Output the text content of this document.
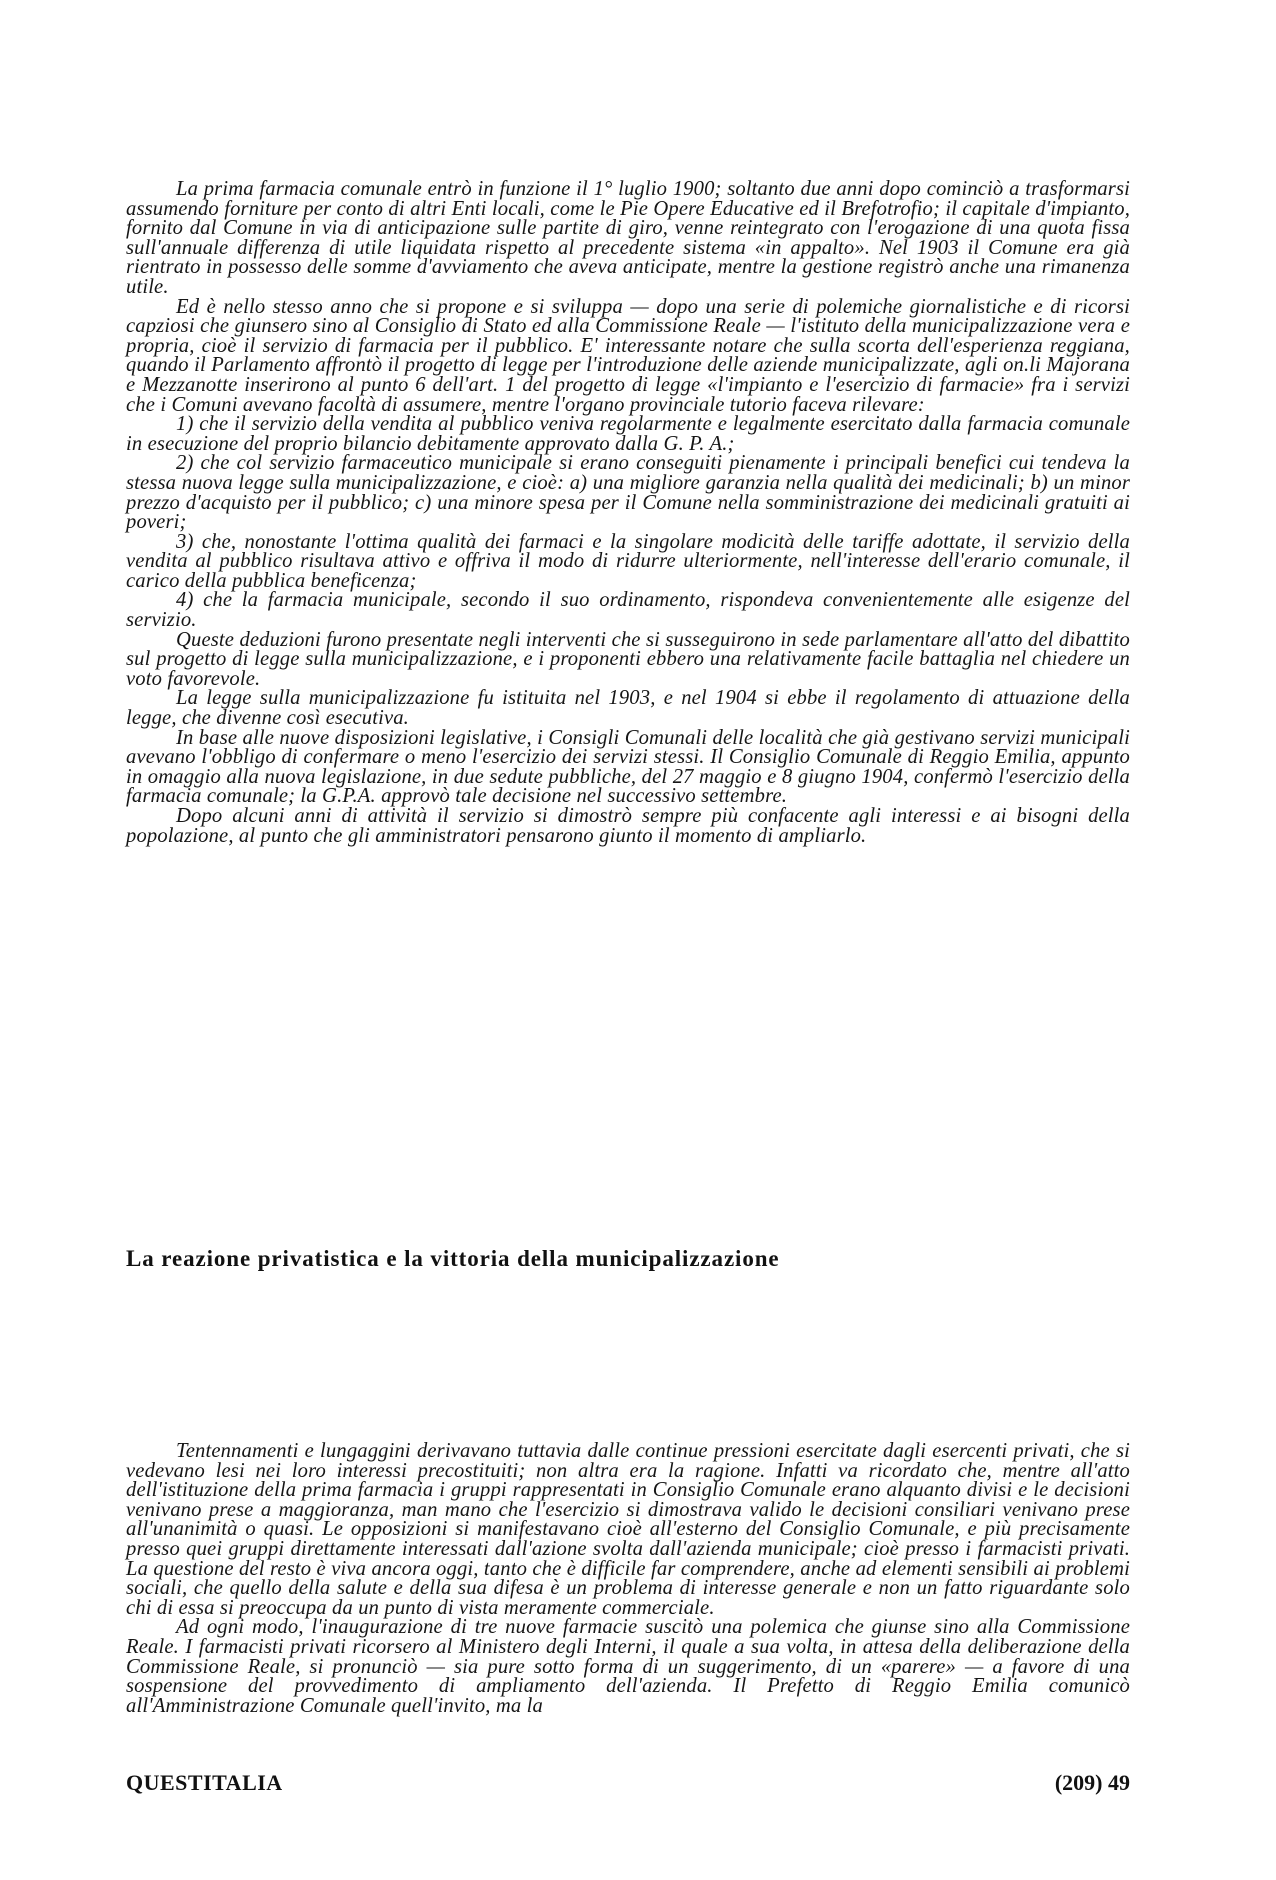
La prima farmacia comunale entrò in funzione il 1° luglio 1900; soltanto due anni dopo cominciò a trasformarsi assumendo forniture per conto di altri Enti locali, come le Pie Opere Educative ed il Brefotrofio; il capitale d'impianto, fornito dal Comune in via di anticipazione sulle partite di giro, venne reintegrato con l'erogazione di una quota fissa sull'annuale differenza di utile liquidata rispetto al precedente sistema «in appalto». Nel 1903 il Comune era già rientrato in possesso delle somme d'avviamento che aveva anticipate, mentre la gestione registrò anche una rimanenza utile.

Ed è nello stesso anno che si propone e si sviluppa — dopo una serie di polemiche giornalistiche e di ricorsi capziosi che giunsero sino al Consiglio di Stato ed alla Commissione Reale — l'istituto della municipalizzazione vera e propria, cioè il servizio di farmacia per il pubblico. E' interessante notare che sulla scorta dell'esperienza reggiana, quando il Parlamento affrontò il progetto di legge per l'introduzione delle aziende municipalizzate, agli on.li Majorana e Mezzanotte inserirono al punto 6 dell'art. 1 del progetto di legge «l'impianto e l'esercizio di farmacie» fra i servizi che i Comuni avevano facoltà di assumere, mentre l'organo provinciale tutorio faceva rilevare:

1) che il servizio della vendita al pubblico veniva regolarmente e legalmente esercitato dalla farmacia comunale in esecuzione del proprio bilancio debitamente approvato dalla G. P. A.;

2) che col servizio farmaceutico municipale si erano conseguiti pienamente i principali benefici cui tendeva la stessa nuova legge sulla municipalizzazione, e cioè: a) una migliore garanzia nella qualità dei medicinali; b) un minor prezzo d'acquisto per il pubblico; c) una minore spesa per il Comune nella somministrazione dei medicinali gratuiti ai poveri;

3) che, nonostante l'ottima qualità dei farmaci e la singolare modicità delle tariffe adottate, il servizio della vendita al pubblico risultava attivo e offriva il modo di ridurre ulteriormente, nell'interesse dell'erario comunale, il carico della pubblica beneficenza;

4) che la farmacia municipale, secondo il suo ordinamento, rispondeva convenientemente alle esigenze del servizio.

Queste deduzioni furono presentate negli interventi che si susseguirono in sede parlamentare all'atto del dibattito sul progetto di legge sulla municipalizzazione, e i proponenti ebbero una relativamente facile battaglia nel chiedere un voto favorevole.

La legge sulla municipalizzazione fu istituita nel 1903, e nel 1904 si ebbe il regolamento di attuazione della legge, che divenne così esecutiva.

In base alle nuove disposizioni legislative, i Consigli Comunali delle località che già gestivano servizi municipali avevano l'obbligo di confermare o meno l'esercizio dei servizi stessi. Il Consiglio Comunale di Reggio Emilia, appunto in omaggio alla nuova legislazione, in due sedute pubbliche, del 27 maggio e 8 giugno 1904, confermò l'esercizio della farmacia comunale; la G.P.A. approvò tale decisione nel successivo settembre.

Dopo alcuni anni di attività il servizio si dimostrò sempre più confacente agli interessi e ai bisogni della popolazione, al punto che gli amministratori pensarono giunto il momento di ampliarlo.

La reazione privatistica e la vittoria della municipalizzazione

Tentennamenti e lungaggini derivavano tuttavia dalle continue pressioni esercitate dagli esercenti privati, che si vedevano lesi nei loro interessi precostituiti; non altra era la ragione. Infatti va ricordato che, mentre all'atto dell'istituzione della prima farmacia i gruppi rappresentati in Consiglio Comunale erano alquanto divisi e le decisioni venivano prese a maggioranza, man mano che l'esercizio si dimostrava valido le decisioni consiliari venivano prese all'unanimità o quasi. Le opposizioni si manifestavano cioè all'esterno del Consiglio Comunale, e più precisamente presso quei gruppi direttamente interessati dall'azione svolta dall'azienda municipale; cioè presso i farmacisti privati. La questione del resto è viva ancora oggi, tanto che è difficile far comprendere, anche ad elementi sensibili ai problemi sociali, che quello della salute e della sua difesa è un problema di interesse generale e non un fatto riguardante solo chi di essa si preoccupa da un punto di vista meramente commerciale.

Ad ogni modo, l'inaugurazione di tre nuove farmacie suscitò una polemica che giunse sino alla Commissione Reale. I farmacisti privati ricorsero al Ministero degli Interni, il quale a sua volta, in attesa della deliberazione della Commissione Reale, si pronunciò — sia pure sotto forma di un suggerimento, di un «parere» — a favore di una sospensione del provvedimento di ampliamento dell'azienda. Il Prefetto di Reggio Emilia comunicò all'Amministrazione Comunale quell'invito, ma la

QUESTITALIA	(209) 49
